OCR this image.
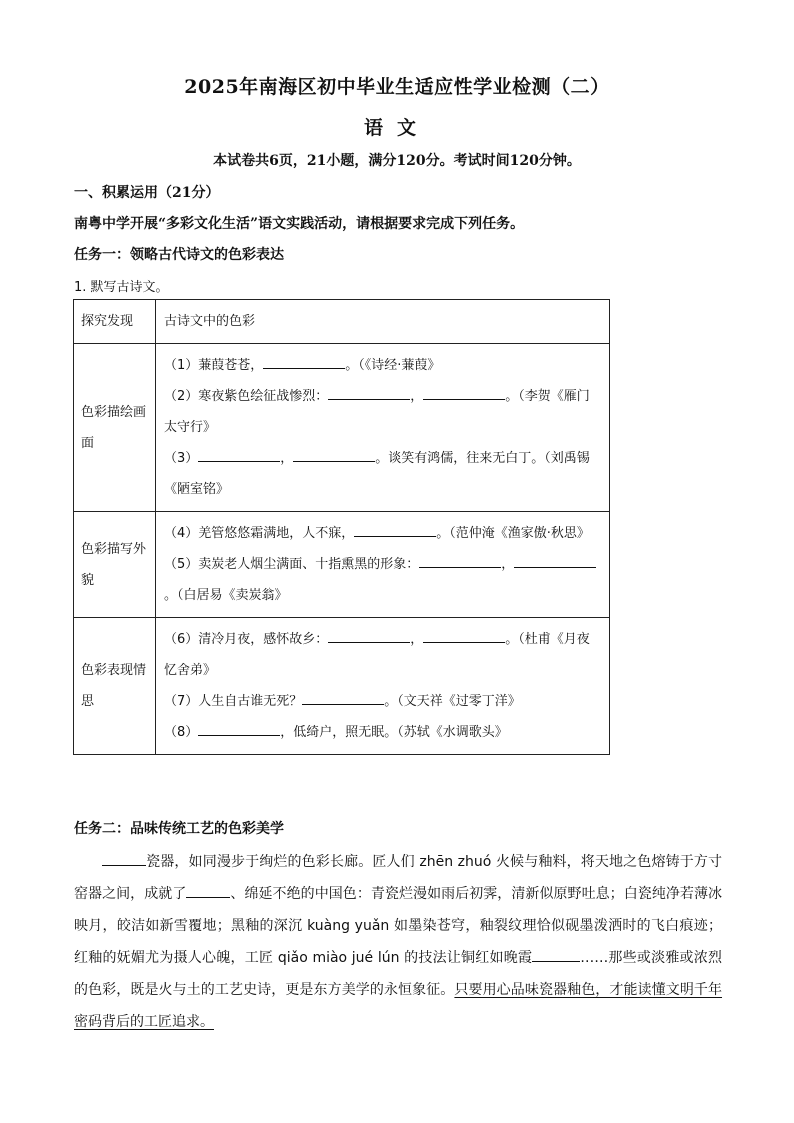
2025年南海区初中毕业生适应性学业检测（二）
语文
本试卷共6页，21小题，满分120分。考试时间120分钟。
一、积累运用（21分）
南粤中学开展“多彩文化生活”语文实践活动，请根据要求完成下列任务。
任务一：领略古代诗文的色彩表达
1. 默写古诗文。
探究发现	古诗文中的色彩
色彩描绘画面	（1）蒹葭苍苍， 。（《诗经·蒹葭》
（2）寒夜紫色绘征战惨烈： ， 。（李贺《雁门太守行》
（3） ， 。谈笑有鸿儒，往来无白丁。（刘禹锡《陋室铭》

色彩描写外貌	（4）羌管悠悠霜满地，人不寐， 。（范仲淹《渔家傲·秋思》
（5）卖炭老人烟尘满面、十指熏黑的形象： ，。（白居易《卖炭翁》

色彩表现情思	（6）清冷月夜，感怀故乡： ， 。（杜甫《月夜忆舍弟》
（7）人生自古谁无死？ 。（文天祥《过零丁洋》
（8） ，低绮户，照无眠。（苏轼《水调歌头》
任务二：品味传统工艺的色彩美学
瓷器，如同漫步于绚烂的色彩长廊。匠人们 zhēn zhuó 火候与釉料，将天地之色熔铸于方寸窑器之间，成就了	、绵延不绝的中国色：青瓷烂漫如雨后初霁，清新似原野吐息；白瓷纯净若薄冰映月，皎洁如新雪覆地；黑釉的深沉 kuàng yuǎn 如墨染苍穹，釉裂纹理恰似砚墨泼洒时的飞白痕迹；红釉的妩媚尤为摄人心魄，工匠 qiǎo miào jué lún 的技法让铜红如晚霞	……那些或淡雅或浓烈的色彩，既是火与土的工艺史诗，更是东方美学的永恒象征。只要用心品味瓷器釉色，才能读懂文明千年密码背后的工匠追求。
